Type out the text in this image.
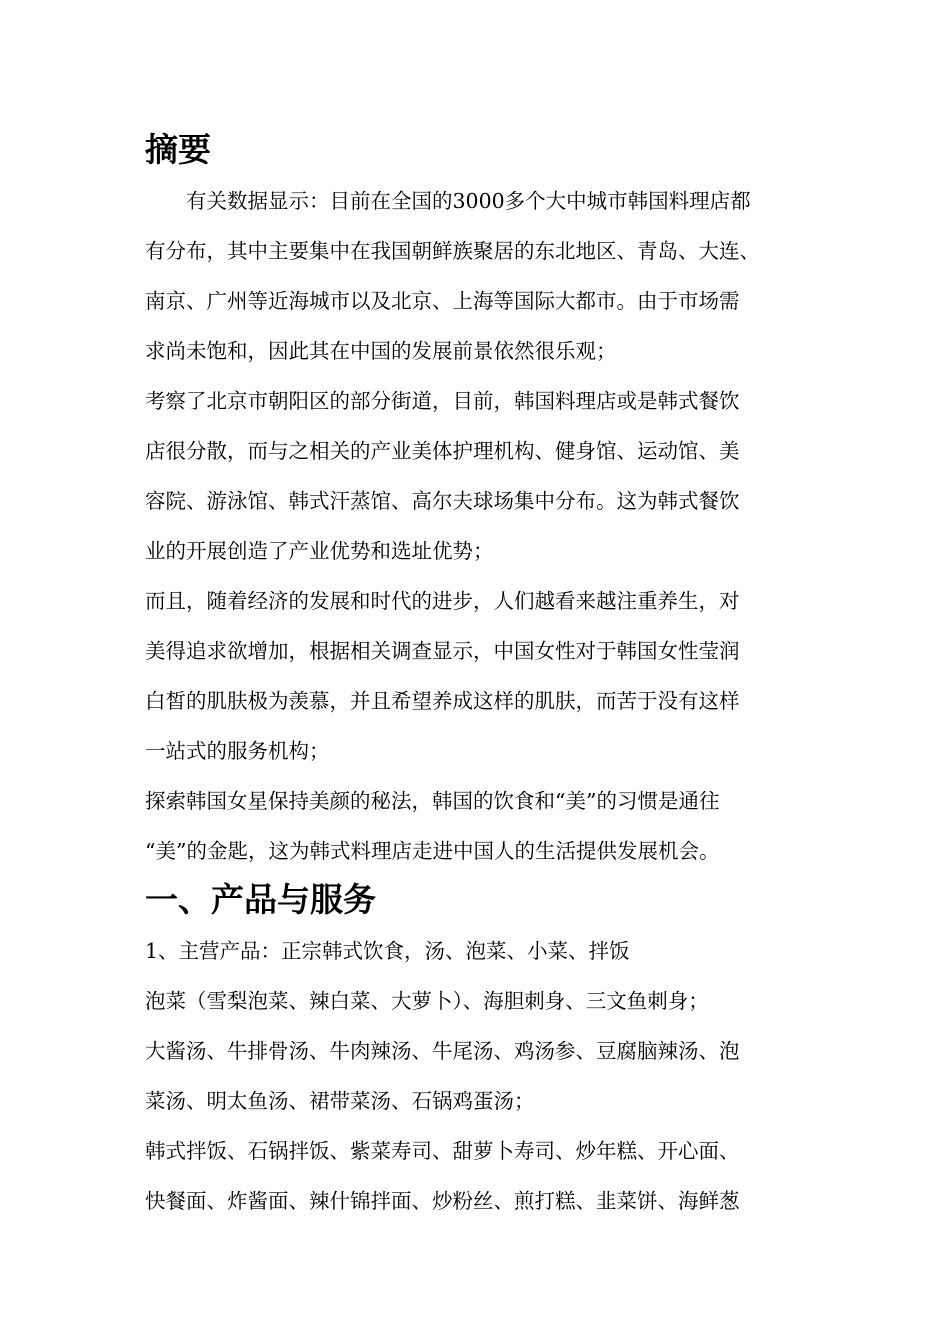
摘要

有关数据显示：目前在全国的3000多个大中城市韩国料理店都
有分布，其中主要集中在我国朝鲜族聚居的东北地区、青岛、大连、
南京、广州等近海城市以及北京、上海等国际大都市。由于市场需
求尚未饱和，因此其在中国的发展前景依然很乐观；

考察了北京市朝阳区的部分街道，目前，韩国料理店或是韩式餐饮
店很分散，而与之相关的产业美体护理机构、健身馆、运动馆、美
容院、游泳馆、韩式汗蒸馆、高尔夫球场集中分布。这为韩式餐饮
业的开展创造了产业优势和选址优势；

而且，随着经济的发展和时代的进步，人们越看来越注重养生，对
美得追求欲增加，根据相关调查显示，中国女性对于韩国女性莹润
白皙的肌肤极为羡慕，并且希望养成这样的肌肤，而苦于没有这样
一站式的服务机构；

探索韩国女星保持美颜的秘法，韩国的饮食和“美”的习惯是通往
“美”的金匙，这为韩式料理店走进中国人的生活提供发展机会。

一、产品与服务

1、主营产品：正宗韩式饮食，汤、泡菜、小菜、拌饭

泡菜（雪梨泡菜、辣白菜、大萝卜）、海胆刺身、三文鱼刺身；

大酱汤、牛排骨汤、牛肉辣汤、牛尾汤、鸡汤参、豆腐脑辣汤、泡
菜汤、明太鱼汤、裙带菜汤、石锅鸡蛋汤；

韩式拌饭、石锅拌饭、紫菜寿司、甜萝卜寿司、炒年糕、开心面、
快餐面、炸酱面、辣什锦拌面、炒粉丝、煎打糕、韭菜饼、海鲜葱
